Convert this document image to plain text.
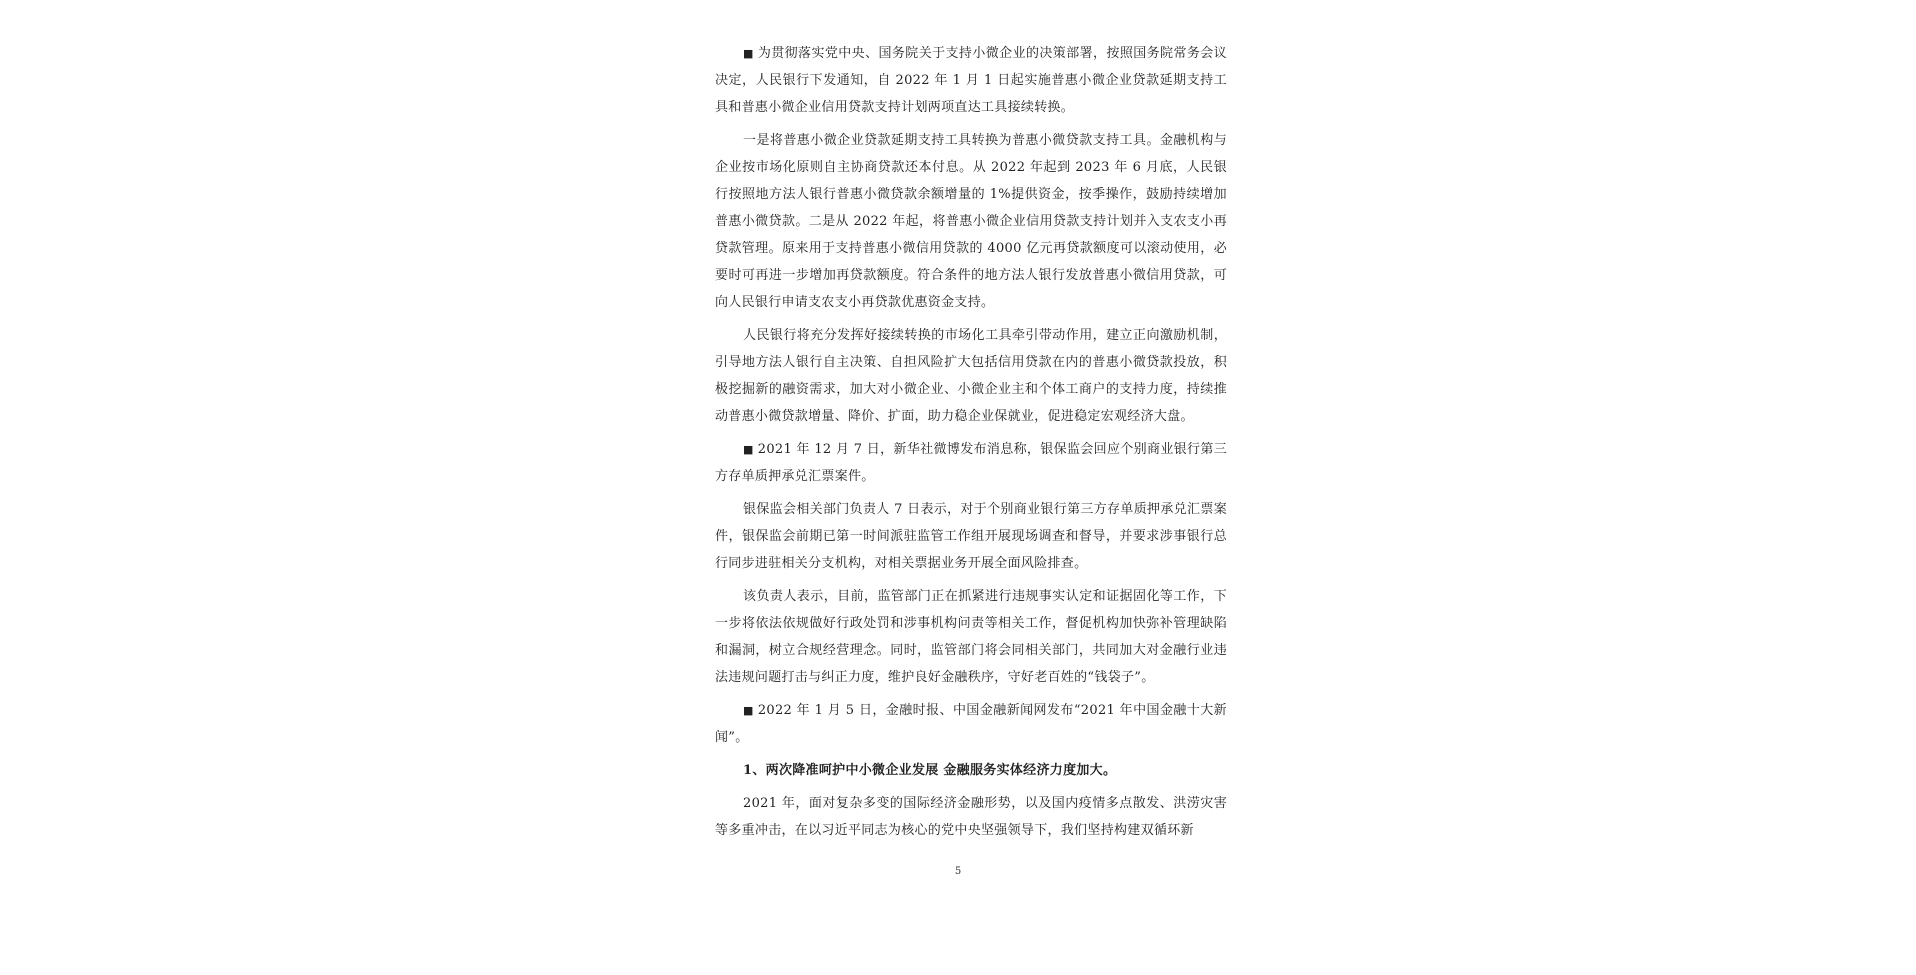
■ 为贯彻落实党中央、国务院关于支持小微企业的决策部署，按照国务院常务会议决定，人民银行下发通知，自 2022 年 1 月 1 日起实施普惠小微企业贷款延期支持工具和普惠小微企业信用贷款支持计划两项直达工具接续转换。

一是将普惠小微企业贷款延期支持工具转换为普惠小微贷款支持工具。金融机构与企业按市场化原则自主协商贷款还本付息。从 2022 年起到 2023 年 6 月底，人民银行按照地方法人银行普惠小微贷款余额增量的 1%提供资金，按季操作，鼓励持续增加普惠小微贷款。二是从 2022 年起，将普惠小微企业信用贷款支持计划并入支农支小再贷款管理。原来用于支持普惠小微信用贷款的 4000 亿元再贷款额度可以滚动使用，必要时可再进一步增加再贷款额度。符合条件的地方法人银行发放普惠小微信用贷款，可向人民银行申请支农支小再贷款优惠资金支持。

人民银行将充分发挥好接续转换的市场化工具牵引带动作用，建立正向激励机制，引导地方法人银行自主决策、自担风险扩大包括信用贷款在内的普惠小微贷款投放，积极挖掘新的融资需求，加大对小微企业、小微企业主和个体工商户的支持力度，持续推动普惠小微贷款增量、降价、扩面，助力稳企业保就业，促进稳定宏观经济大盘。

■ 2021 年 12 月 7 日，新华社微博发布消息称，银保监会回应个别商业银行第三方存单质押承兑汇票案件。

银保监会相关部门负责人 7 日表示，对于个别商业银行第三方存单质押承兑汇票案件，银保监会前期已第一时间派驻监管工作组开展现场调查和督导，并要求涉事银行总行同步进驻相关分支机构，对相关票据业务开展全面风险排查。

该负责人表示，目前，监管部门正在抓紧进行违规事实认定和证据固化等工作，下一步将依法依规做好行政处罚和涉事机构问责等相关工作，督促机构加快弥补管理缺陷和漏洞，树立合规经营理念。同时，监管部门将会同相关部门，共同加大对金融行业违法违规问题打击与纠正力度，维护良好金融秩序，守好老百姓的“钱袋子”。

■ 2022 年 1 月 5 日，金融时报、中国金融新闻网发布“2021 年中国金融十大新闻”。

1、两次降准呵护中小微企业发展 金融服务实体经济力度加大。

2021 年，面对复杂多变的国际经济金融形势，以及国内疫情多点散发、洪涝灾害等多重冲击，在以习近平同志为核心的党中央坚强领导下，我们坚持构建双循环新

5
